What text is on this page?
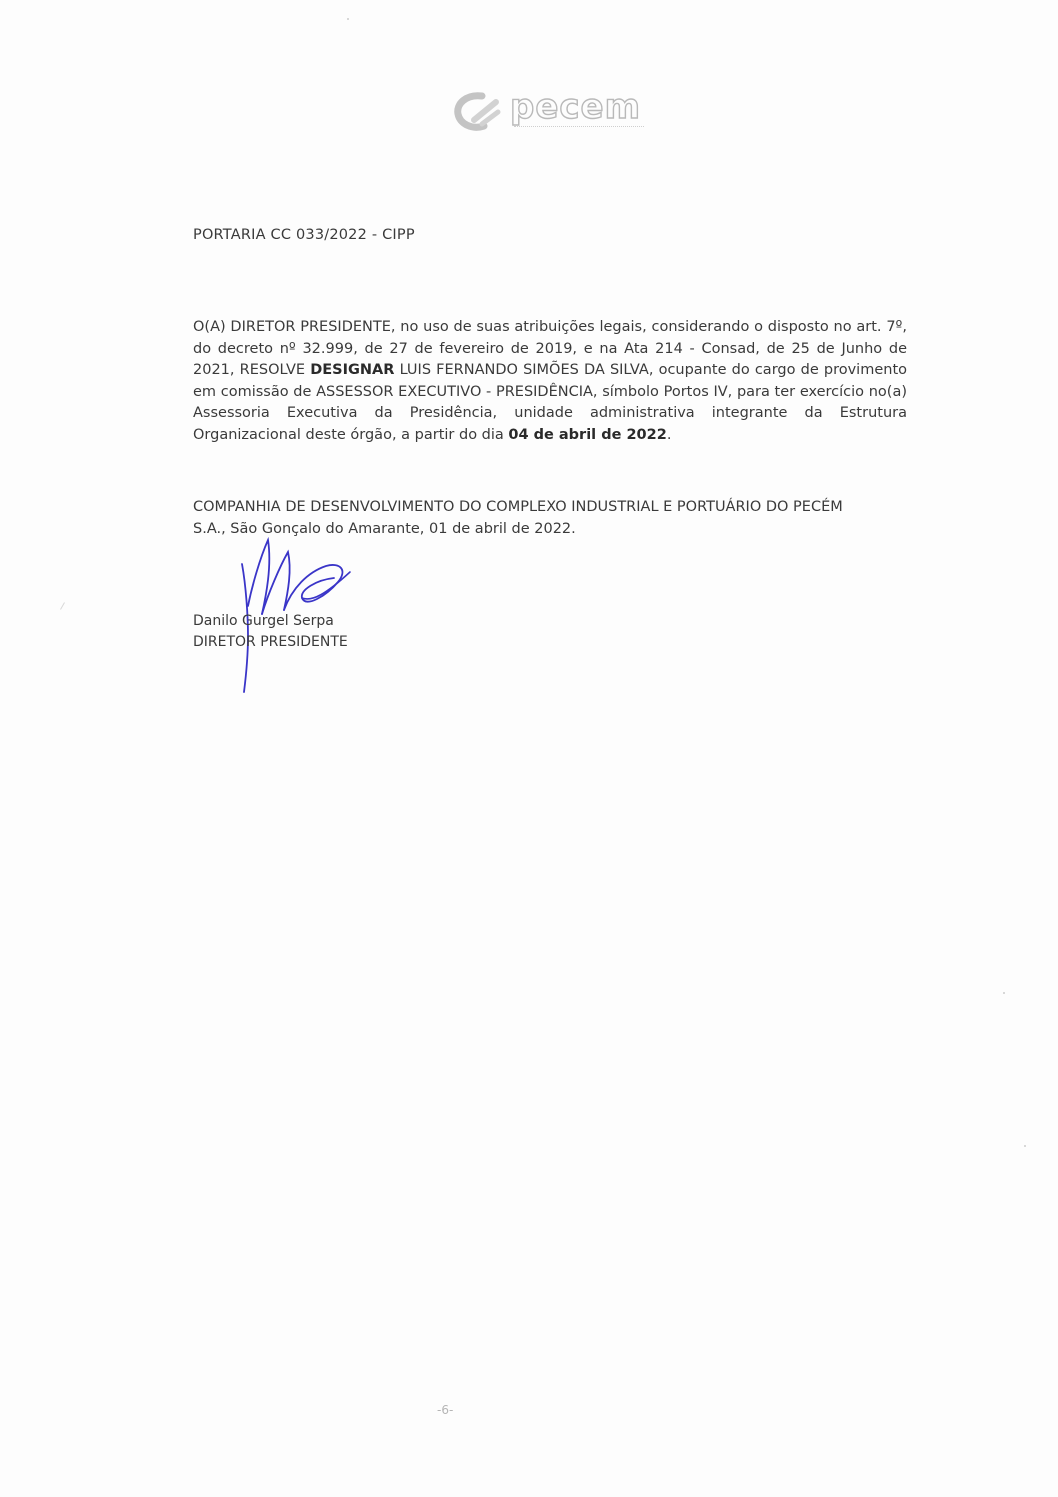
pecem
PORTARIA CC 033/2022 - CIPP
O(A) DIRETOR PRESIDENTE, no uso de suas atribuições legais, considerando o disposto no art. 7º, do decreto nº 32.999, de 27 de fevereiro de 2019, e na Ata 214 - Consad, de 25 de Junho de 2021, RESOLVE DESIGNAR LUIS FERNANDO SIMÕES DA SILVA, ocupante do cargo de provimento em comissão de ASSESSOR EXECUTIVO - PRESIDÊNCIA, símbolo Portos IV, para ter exercício no(a) Assessoria Executiva da Presidência, unidade administrativa integrante da Estrutura Organizacional deste órgão, a partir do dia 04 de abril de 2022.
COMPANHIA DE DESENVOLVIMENTO DO COMPLEXO INDUSTRIAL E PORTUÁRIO DO PECÉM
S.A., São Gonçalo do Amarante, 01 de abril de 2022.
Danilo Gurgel Serpa
DIRETOR PRESIDENTE
-6-
